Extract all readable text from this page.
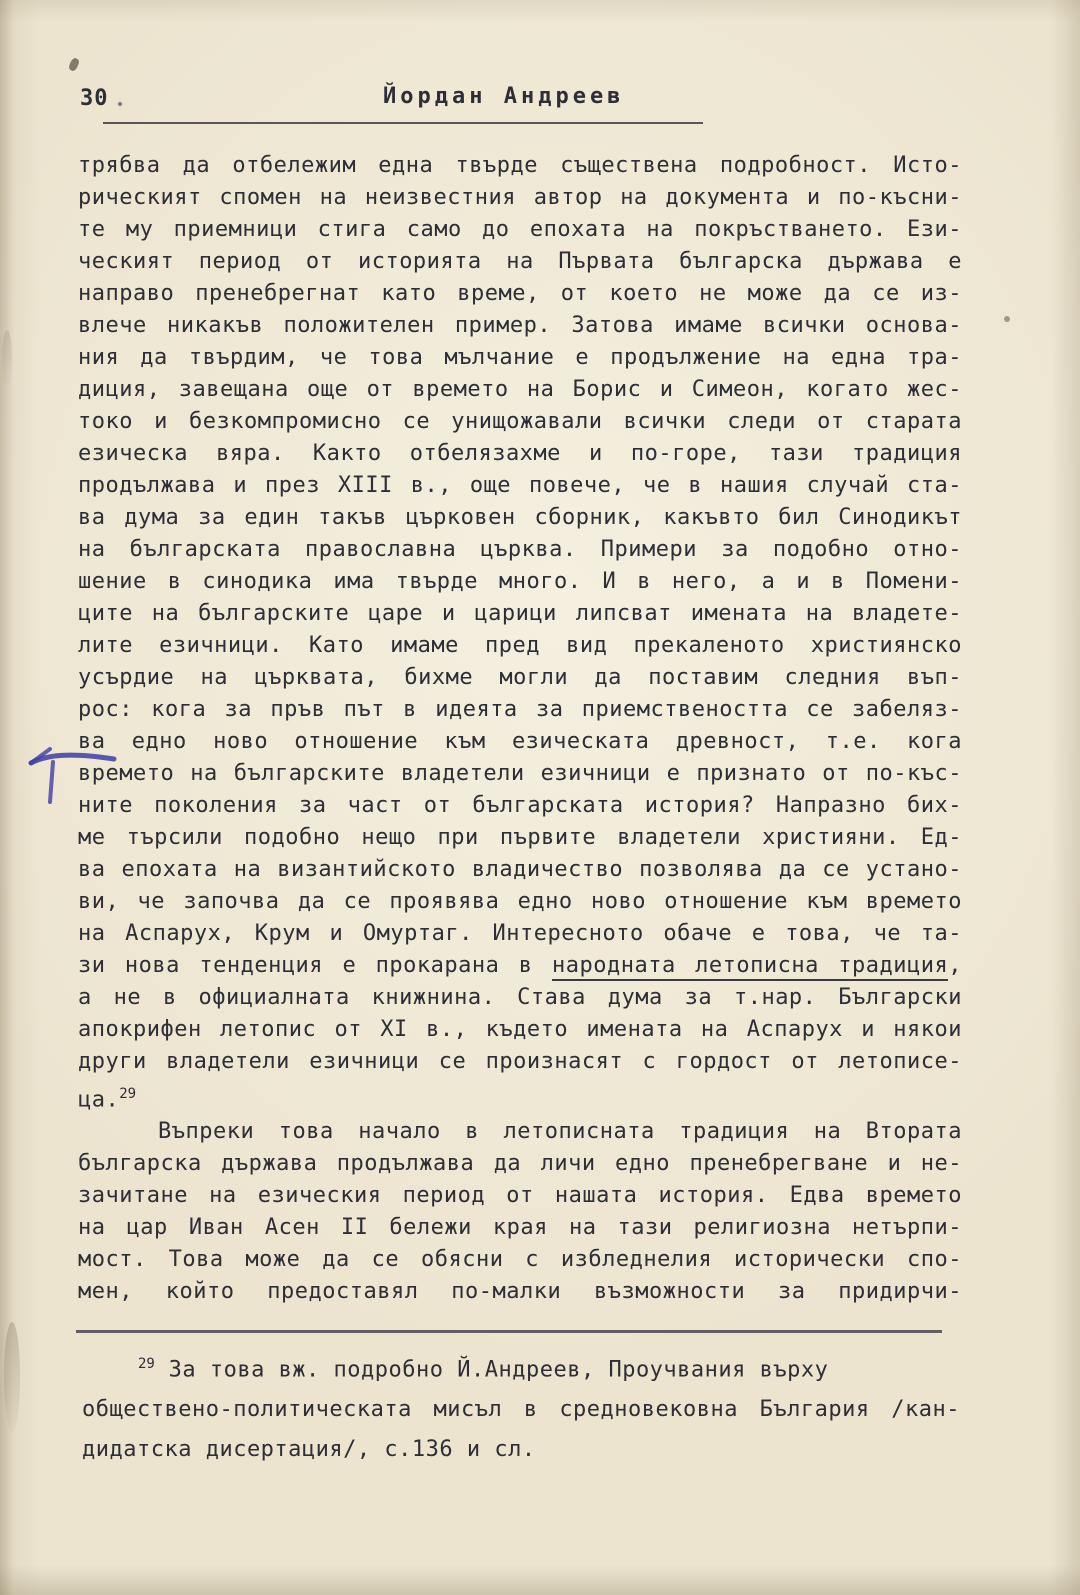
30	Йордан Андреев
трябва да отбележим една твърде съществена подробност. Исто-
рическият спомен на неизвестния автор на документа и по-късни-
те му приемници стига само до епохата на покръстването. Ези-
ческият период от историята на Първата българска държава е
направо пренебрегнат като време, от което не може да се из-
влече никакъв положителен пример. Затова имаме всички основа-
ния да твърдим, че това мълчание е продължение на една тра-
диция, завещана още от времето на Борис и Симеон, когато жес-
токо и безкомпромисно се унищожавали всички следи от старата
езическа вяра. Както отбелязахме и по-горе, тази традиция
продължава и през XIII в., още повече, че в нашия случай ста-
ва дума за един такъв църковен сборник, какъвто бил Синодикът
на българската православна църква. Примери за подобно отно-
шение в синодика има твърде много. И в него, а и в Помени-
ците на българските царе и царици липсват имената на владете-
лите езичници. Като имаме пред вид прекаленото християнско
усърдие на църквата, бихме могли да поставим следния въп-
рос: кога за пръв път в идеята за приемствеността се забеляз-
ва едно ново отношение към езическата древност, т.е. кога
времето на българските владетели езичници е признато от по-къс-
ните поколения за част от българската история? Напразно бих-
ме търсили подобно нещо при първите владетели християни. Ед-
ва епохата на византийското владичество позволява да се устано-
ви, че започва да се проявява едно ново отношение към времето
на Аспарух, Крум и Омуртаг. Интересното обаче е това, че та-
зи нова тенденция е прокарана в народната летописна традиция,
а не в официалната книжнина. Става дума за т.нар. Български
апокрифен летопис от XI в., където имената на Аспарух и някои
други владетели езичници се произнасят с гордост от летописе-
ца.$^{29}$
Въпреки това начало в летописната традиция на Втората
българска държава продължава да личи едно пренебрегване и не-
зачитане на езическия период от нашата история. Едва времето
на цар Иван Асен II бележи края на тази религиозна нетърпи-
мост. Това може да се обясни с избледнелия исторически спо-
мен, който предоставял по-малки възможности за придирчи-
$^{29}$ За това вж. подробно Й.Андреев, Проучвания върху
обществено-политическата мисъл в средновековна България /кан-
дидатска дисертация/, с.136 и сл.
